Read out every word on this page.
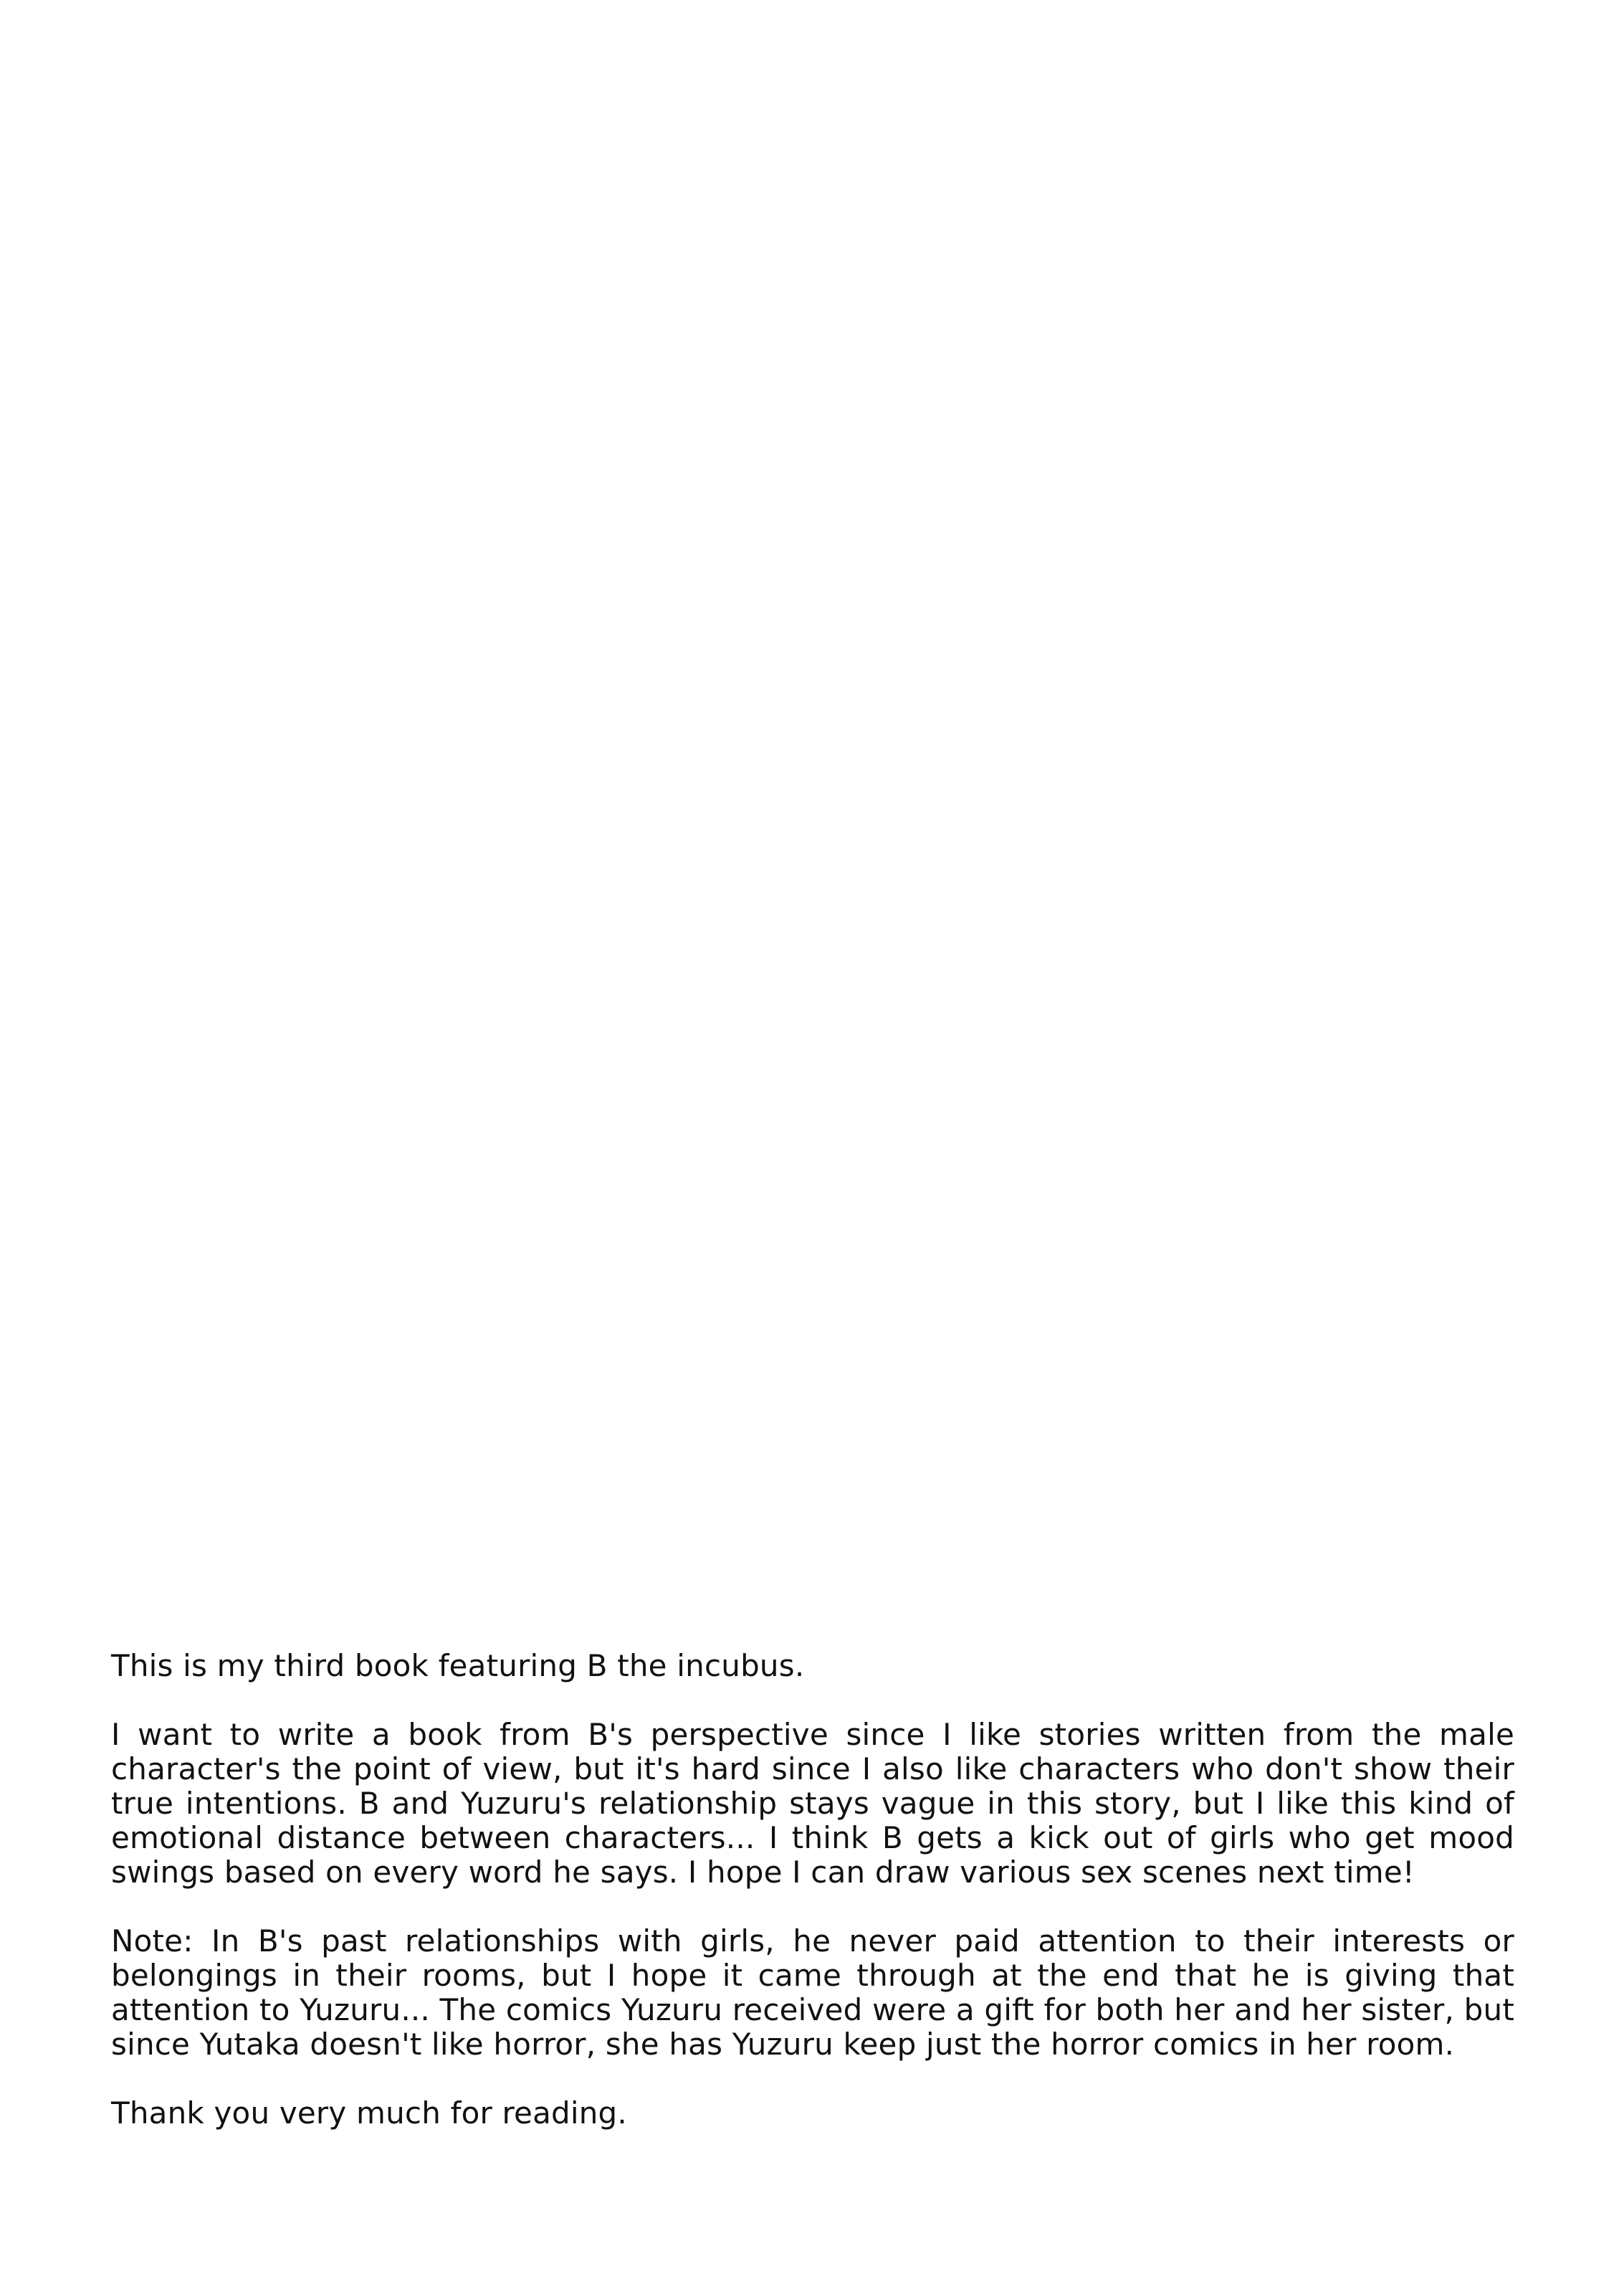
This is my third book featuring B the incubus.

I want to write a book from B's perspective since I like stories written from the male character's the point of view, but it's hard since I also like characters who don't show their true intentions. B and Yuzuru's relationship stays vague in this story, but I like this kind of emotional distance between characters... I think B gets a kick out of girls who get mood swings based on every word he says. I hope I can draw various sex scenes next time!

Note: In B's past relationships with girls, he never paid attention to their interests or belongings in their rooms, but I hope it came through at the end that he is giving that attention to Yuzuru... The comics Yuzuru received were a gift for both her and her sister, but since Yutaka doesn't like horror, she has Yuzuru keep just the horror comics in her room.

Thank you very much for reading.
